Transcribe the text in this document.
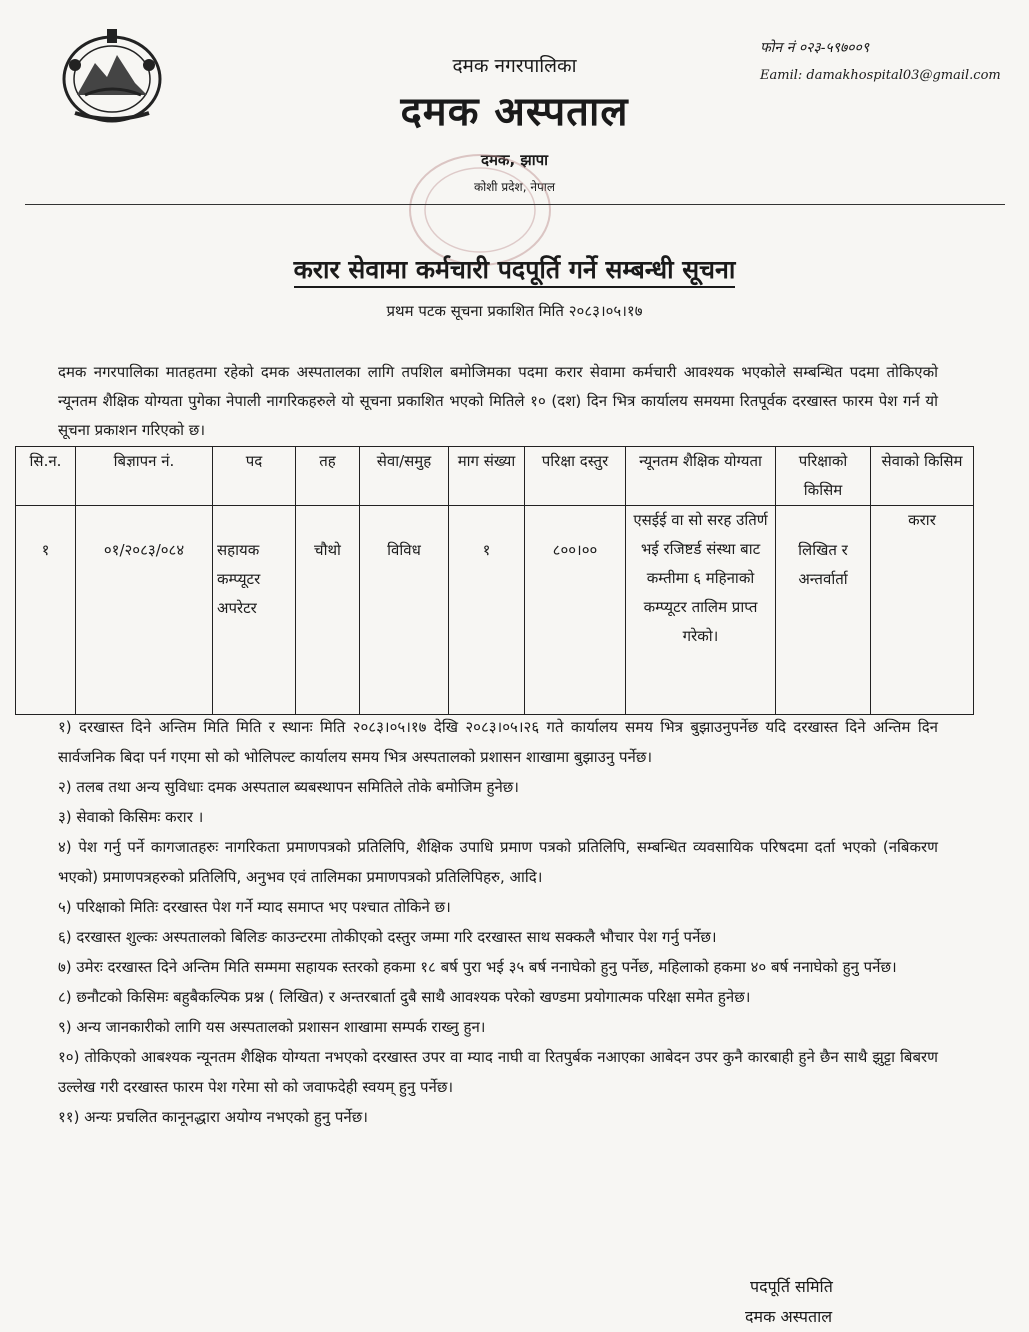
दमक नगरपालिका
दमक अस्पताल
दमक, झापा
कोशी प्रदेश, नेपाल
फोन नं ०२३-५९७००९
Eamil: damakhospital03@gmail.com
करार सेवामा कर्मचारी पदपूर्ति गर्ने सम्बन्धी सूचना
प्रथम पटक सूचना प्रकाशित मिति २०८३।०५।१७
दमक नगरपालिका मातहतमा रहेको दमक अस्पतालका लागि तपशिल बमोजिमका पदमा करार सेवामा कर्मचारी आवश्यक भएकोले सम्बन्धित पदमा तोकिएको न्यूनतम शैक्षिक योग्यता पुगेका नेपाली नागरिकहरुले यो सूचना प्रकाशित भएको मितिले १० (दश) दिन भित्र कार्यालय समयमा रितपूर्वक दरखास्त फारम पेश गर्न यो सूचना प्रकाशन गरिएको छ।
सि.न.	बिज्ञापन नं.	पद	तह	सेवा/समुह	माग संख्या	परिक्षा दस्तुर	न्यूनतम शैक्षिक योग्यता	परिक्षाको किसिम	सेवाको किसिम
१	०१/२०८३/०८४	सहायक कम्प्यूटर अपरेटर	चौथो	विविध	१	८००।००	एसईई वा सो सरह उतिर्ण भई रजिष्टर्ड संस्था बाट कम्तीमा ६ महिनाको कम्प्यूटर तालिम प्राप्त गरेको।	लिखित र अन्तर्वार्ता	करार

१) दरखास्त दिने अन्तिम मिति मिति र स्थानः मिति २०८३।०५।१७ देखि २०८३।०५।२६ गते कार्यालय समय भित्र बुझाउनुपर्नेछ यदि दरखास्त दिने अन्तिम दिन सार्वजनिक बिदा पर्न गएमा सो को भोलिपल्ट कार्यालय समय भित्र अस्पतालको प्रशासन शाखामा बुझाउनु पर्नेछ।

२) तलब तथा अन्य सुविधाः दमक अस्पताल ब्यबस्थापन समितिले तोके बमोजिम हुनेछ।

३) सेवाको किसिमः करार ।

४) पेश गर्नु पर्ने कागजातहरुः नागरिकता प्रमाणपत्रको प्रतिलिपि, शैक्षिक उपाधि प्रमाण पत्रको प्रतिलिपि, सम्बन्धित व्यवसायिक परिषदमा दर्ता भएको (नबिकरण भएको) प्रमाणपत्रहरुको प्रतिलिपि, अनुभव एवं तालिमका प्रमाणपत्रको प्रतिलिपिहरु, आदि।

५) परिक्षाको मितिः दरखास्त पेश गर्ने म्याद समाप्त भए पश्चात तोकिने छ।

६) दरखास्त शुल्कः अस्पतालको बिलिङ काउन्टरमा तोकीएको दस्तुर जम्मा गरि दरखास्त साथ सक्कलै भौचार पेश गर्नु पर्नेछ।

७) उमेरः दरखास्त दिने अन्तिम मिति सम्ममा सहायक स्तरको हकमा १८ बर्ष पुरा भई ३५ बर्ष ननाघेको हुनु पर्नेछ, महिलाको हकमा ४० बर्ष ननाघेको हुनु पर्नेछ।

८) छनौटको किसिमः बहुबैकल्पिक प्रश्न ( लिखित) र अन्तरबार्ता दुबै साथै आवश्यक परेको खण्डमा प्रयोगात्मक परिक्षा समेत हुनेछ।

९) अन्य जानकारीको लागि यस अस्पतालको प्रशासन शाखामा सम्पर्क राख्नु हुन।

१०) तोकिएको आबश्यक न्यूनतम शैक्षिक योग्यता नभएको दरखास्त उपर वा म्याद नाघी वा रितपुर्बक नआएका आबेदन उपर कुनै कारबाही हुने छैन साथै झुट्टा बिबरण उल्लेख गरी दरखास्त फारम पेश गरेमा सो को जवाफदेही स्वयम् हुनु पर्नेछ।

११) अन्यः प्रचलित कानूनद्धारा अयोग्य नभएको हुनु पर्नेछ।

पदपूर्ति समिति
दमक अस्पताल
